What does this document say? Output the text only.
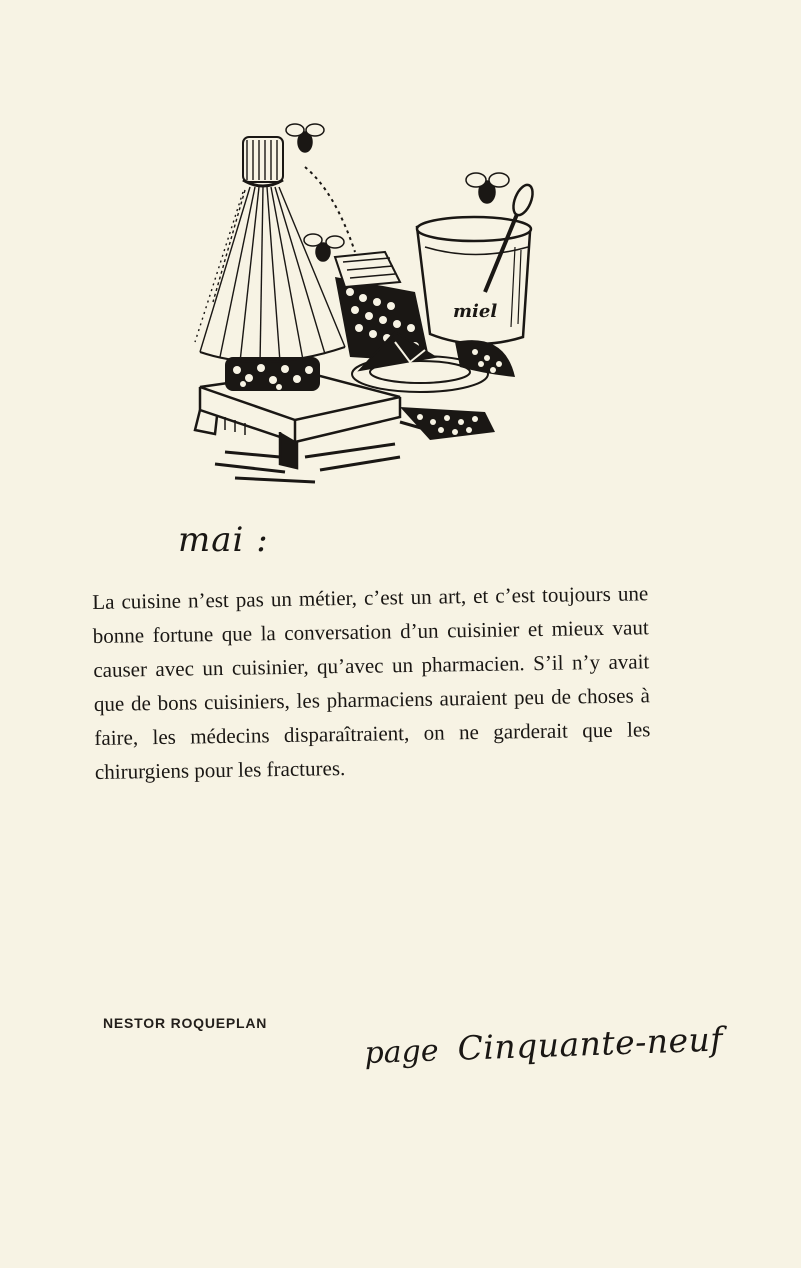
miel
mai :

La cuisine n’est pas un métier, c’est un art, et c’est toujours une bonne fortune que la conversation d’un cuisinier et mieux vaut causer avec un cuisinier, qu’avec un pharmacien. S’il n’y avait que de bons cuisiniers, les pharmaciens auraient peu de choses à faire, les médecins disparaîtraient, on ne garderait que les chirurgiens pour les fractures.

NESTOR ROQUEPLAN
page Cinquante-neuf
